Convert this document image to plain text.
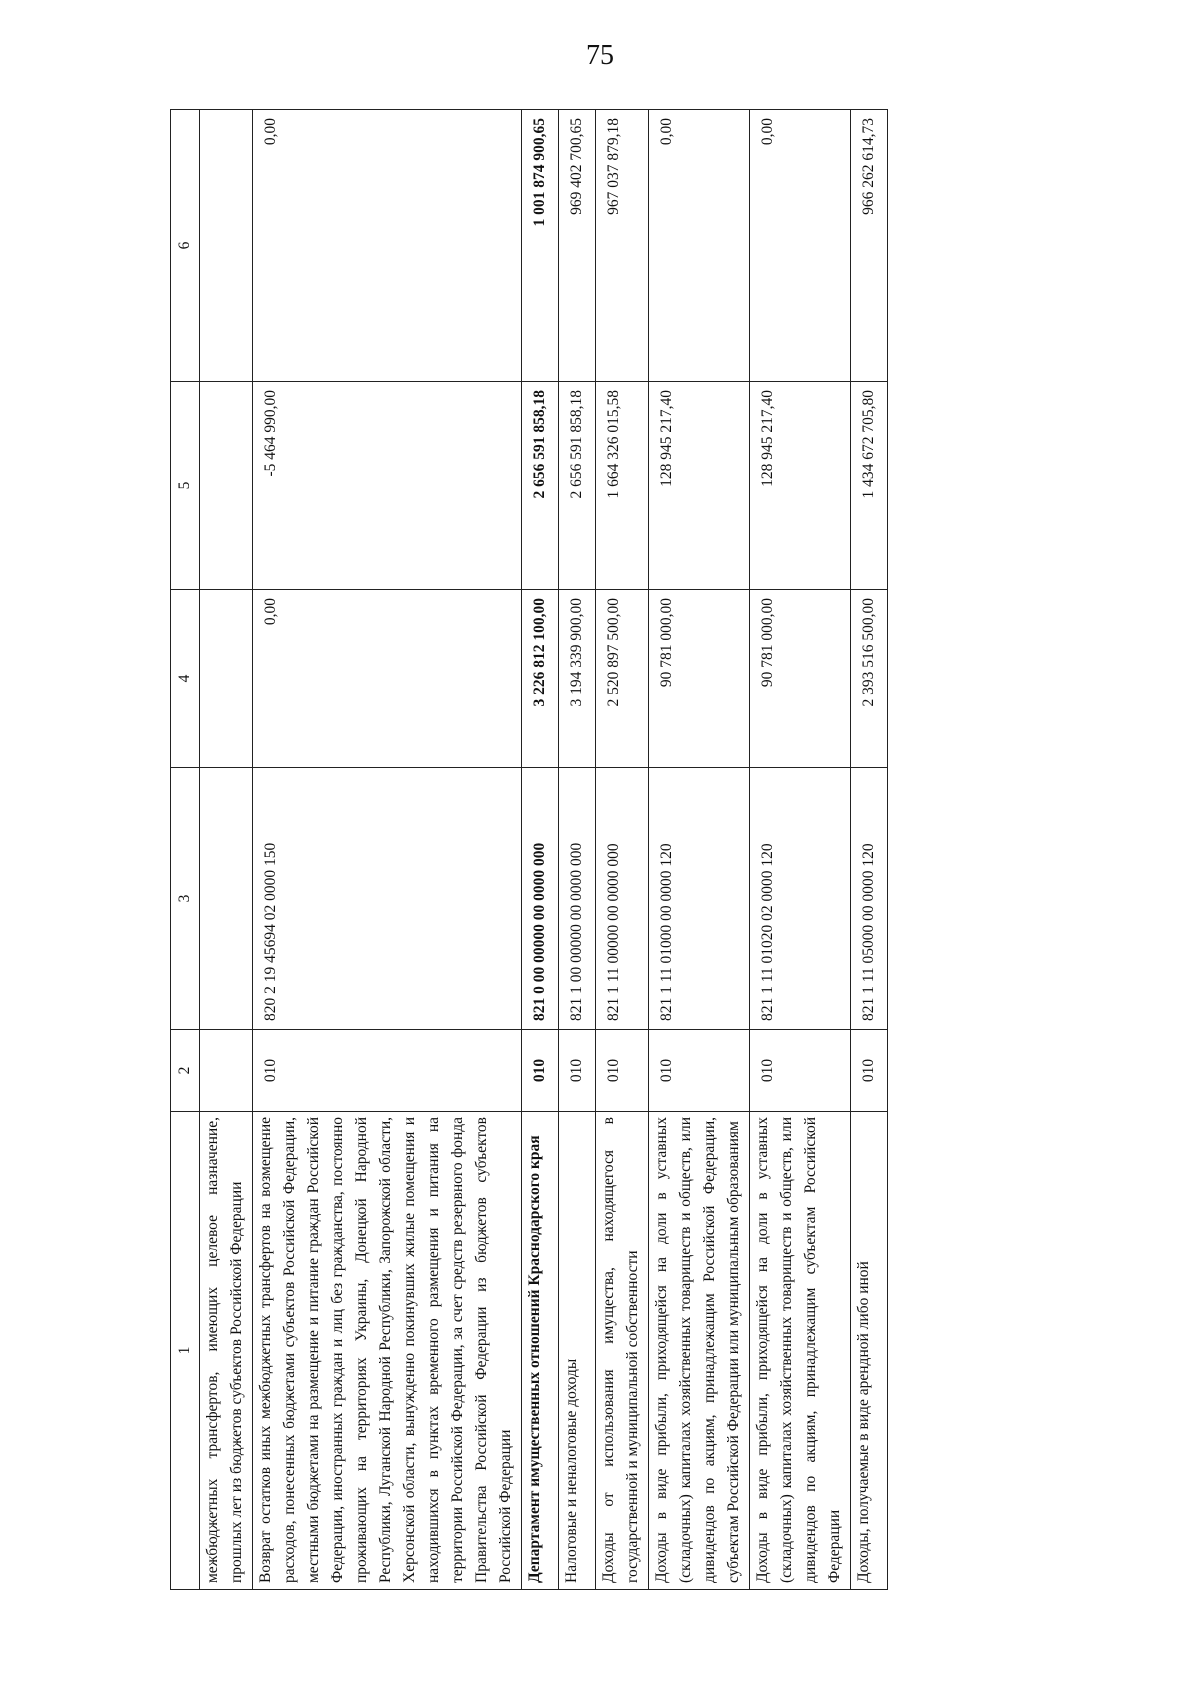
75
1	2	3	4	5	6
межбюджетных трансфертов, имеющих целевое назначение, прошлых лет из бюджетов субъектов Российской Федерации					
Возврат остатков иных межбюджетных трансфертов на возмещение расходов, понесенных бюджетами субъектов Российской Федерации, местными бюджетами на размещение и питание граждан Российской Федерации, иностранных граждан и лиц без гражданства, постоянно проживающих на территориях Украины, Донецкой Народной Республики, Луганской Народной Республики, Запорожской области, Херсонской области, вынужденно покинувших жилые помещения и находившихся в пунктах временного размещения и питания на территории Российской Федерации, за счет средств резервного фонда Правительства Российской Федерации из бюджетов субъектов Российской Федерации	010	820 2 19 45694 02 0000 150	0,00	-5 464 990,00	0,00
Департамент имущественных отношений Краснодарского края	010	821 0 00 00000 00 0000 000	3 226 812 100,00	2 656 591 858,18	1 001 874 900,65
Налоговые и неналоговые доходы	010	821 1 00 00000 00 0000 000	3 194 339 900,00	2 656 591 858,18	969 402 700,65
Доходы от использования имущества, находящегося в государственной и муниципальной собственности	010	821 1 11 00000 00 0000 000	2 520 897 500,00	1 664 326 015,58	967 037 879,18
Доходы в виде прибыли, приходящейся на доли в уставных (складочных) капиталах хозяйственных товариществ и обществ, или дивидендов по акциям, принадлежащим Российской Федерации, субъектам Российской Федерации или муниципальным образованиям	010	821 1 11 01000 00 0000 120	90 781 000,00	128 945 217,40	0,00
Доходы в виде прибыли, приходящейся на доли в уставных (складочных) капиталах хозяйственных товариществ и обществ, или дивидендов по акциям, принадлежащим субъектам Российской Федерации	010	821 1 11 01020 02 0000 120	90 781 000,00	128 945 217,40	0,00
Доходы, получаемые в виде арендной либо иной	010	821 1 11 05000 00 0000 120	2 393 516 500,00	1 434 672 705,80	966 262 614,73
